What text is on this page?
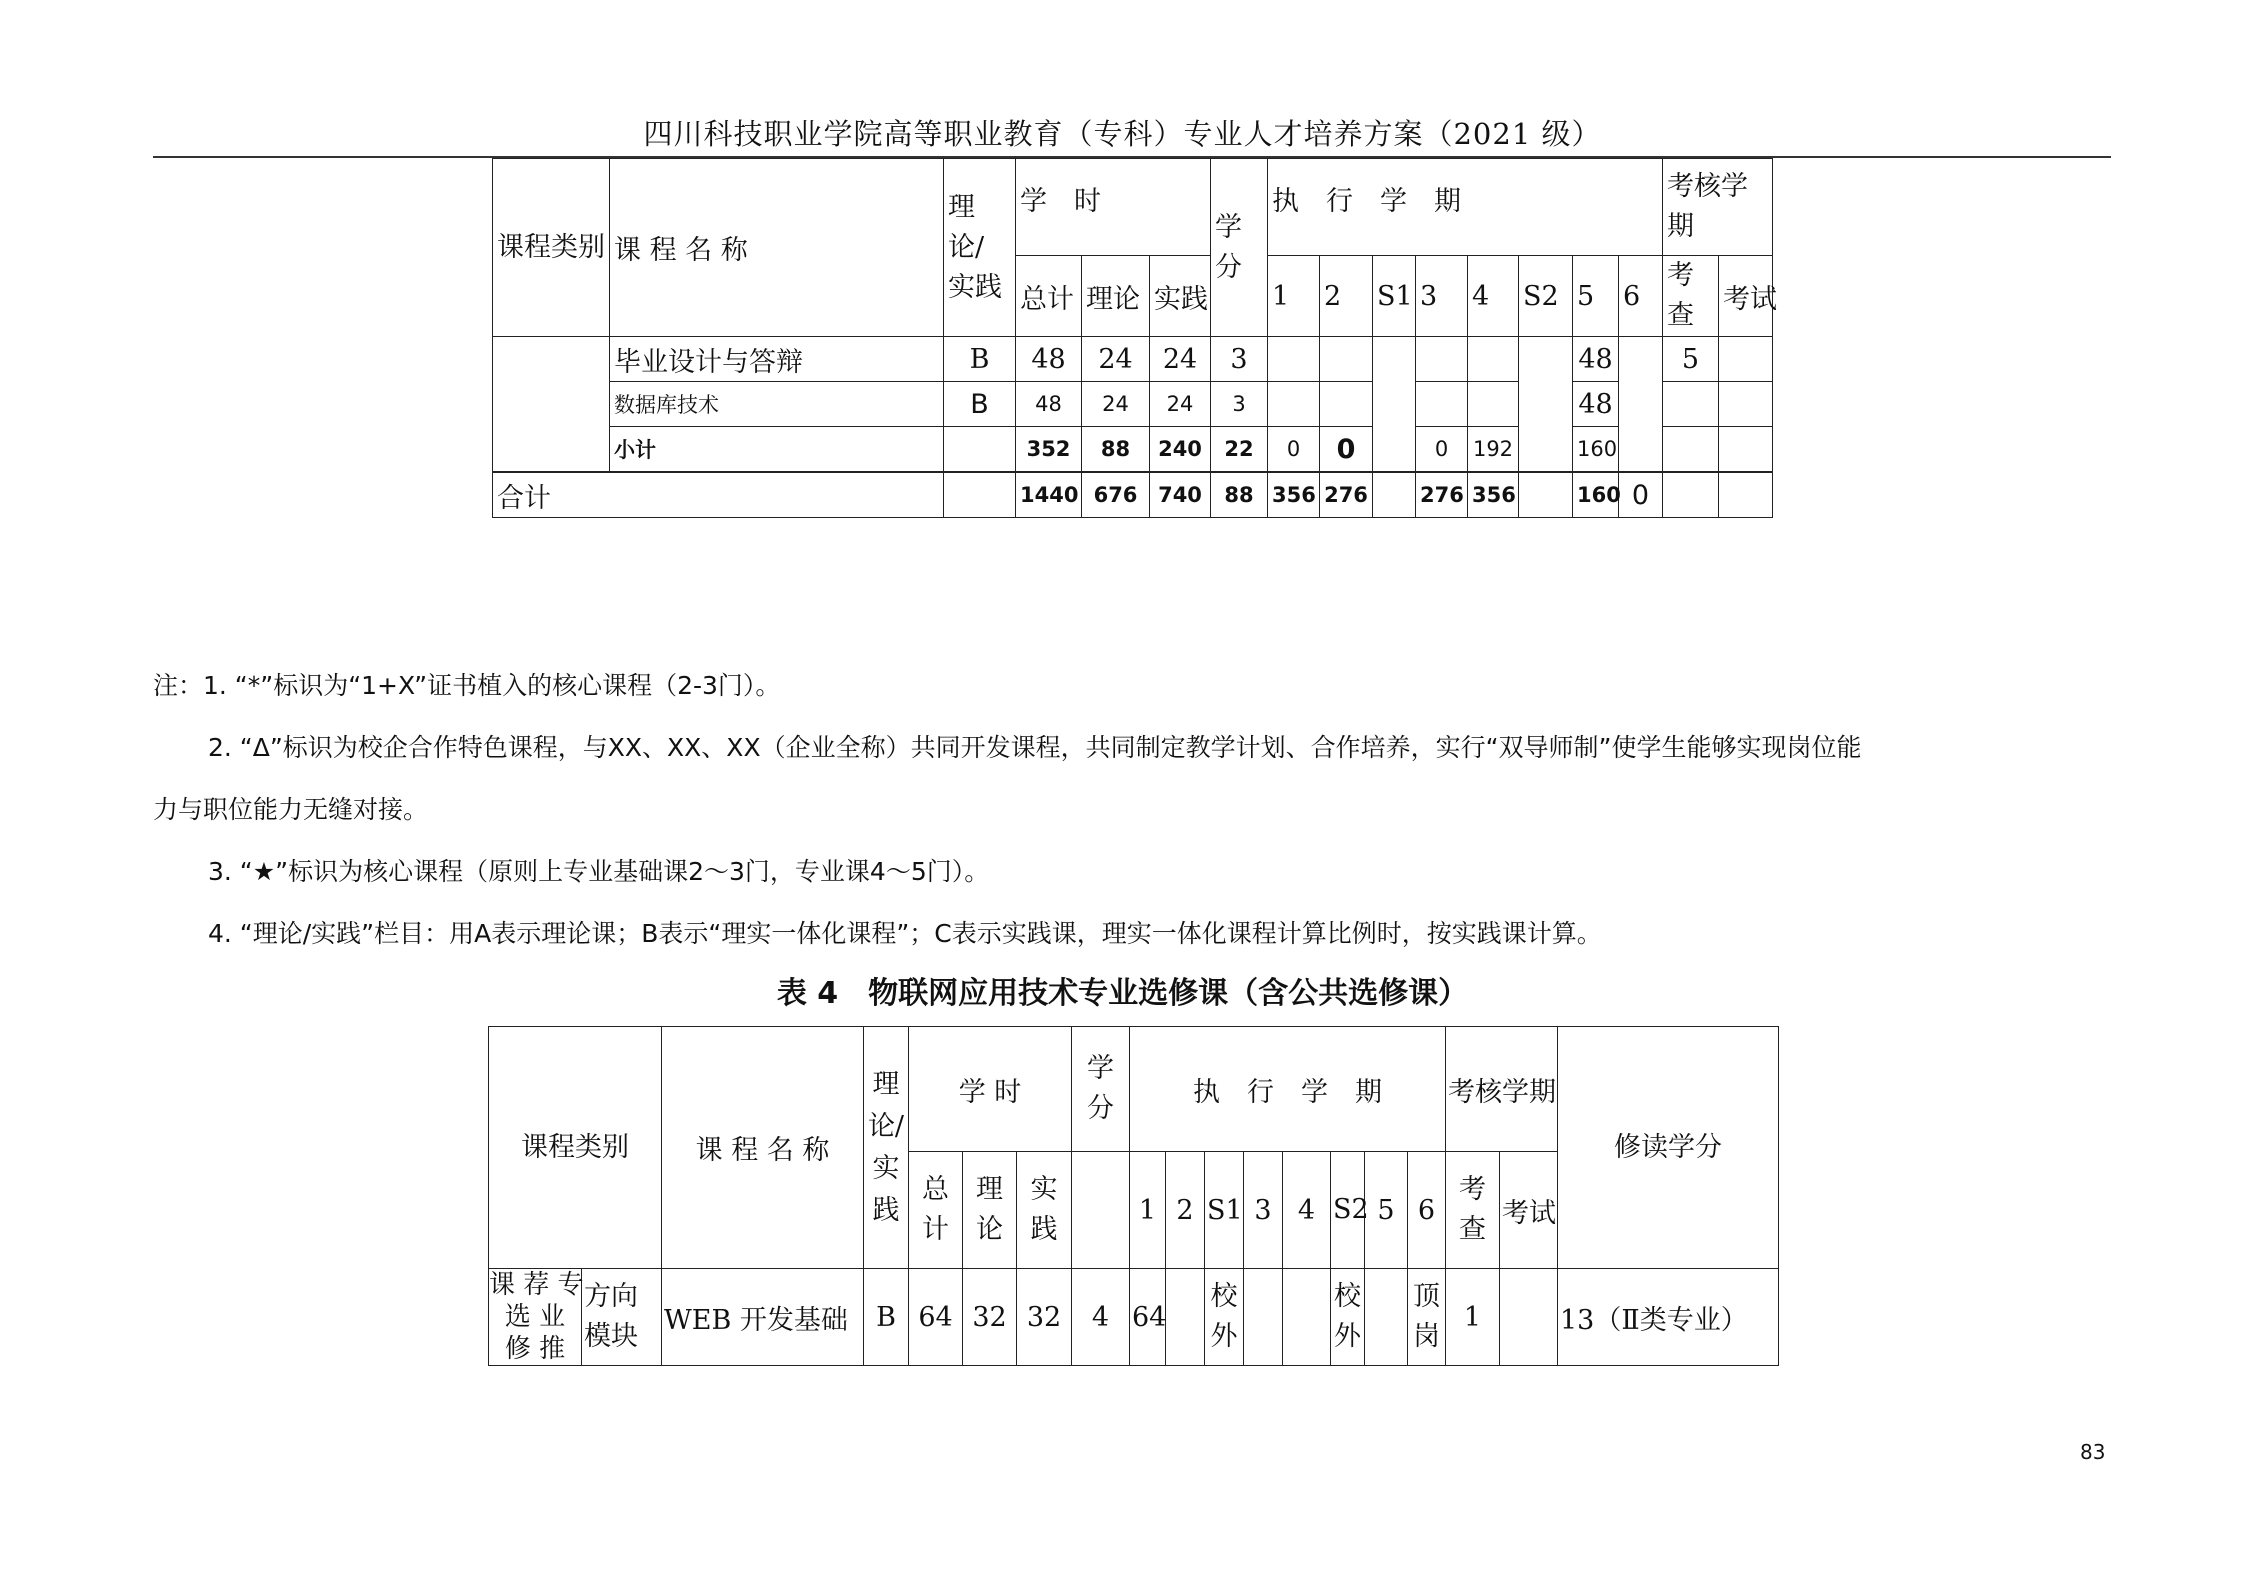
四川科技职业学院高等职业教育（专科）专业人才培养方案（2021 级）
课程类别	课 程 名 称	理论/实践	学　时			学分	执　行　学　期								考核学期	
			总计	理论	实践		1	2	S1	3	4	S2	5	6	考查	考试
	毕业设计与答辩	B	48	24	24	3							48		5	
	数据库技术	B	48	24	24	3							48			
	小计		352	88	240	22	0	0		0	192		160			
合计			1440	676	740	88	356	276		276	356		160	0		

注：1. “*”标识为“1+X”证书植入的核心课程（2-3门）。

2. “Δ”标识为校企合作特色课程，与XX、XX、XX（企业全称）共同开发课程，共同制定教学计划、合作培养，实行“双导师制”使学生能够实现岗位能

力与职位能力无缝对接。

3. “★”标识为核心课程（原则上专业基础课2～3门，专业课4～5门）。

4. “理论/实践”栏目：用A表示理论课；B表示“理实一体化课程”；C表示实践课，理实一体化课程计算比例时，按实践课计算。

表 4　物联网应用技术专业选修课（含公共选修课）
课程类别		课 程 名 称	理论/实践	学 时			学分	执　行　学　期								考核学期		修读学分
				总计	理论	实践		1	2	S1	3	4	S2	5	6	考查	考试	

课 荐 专
选 业
修 推	方向模块	WEB 开发基础	B	64	32	32	4	64		校外			校外		顶岗	1		13（Ⅱ类专业）
83
